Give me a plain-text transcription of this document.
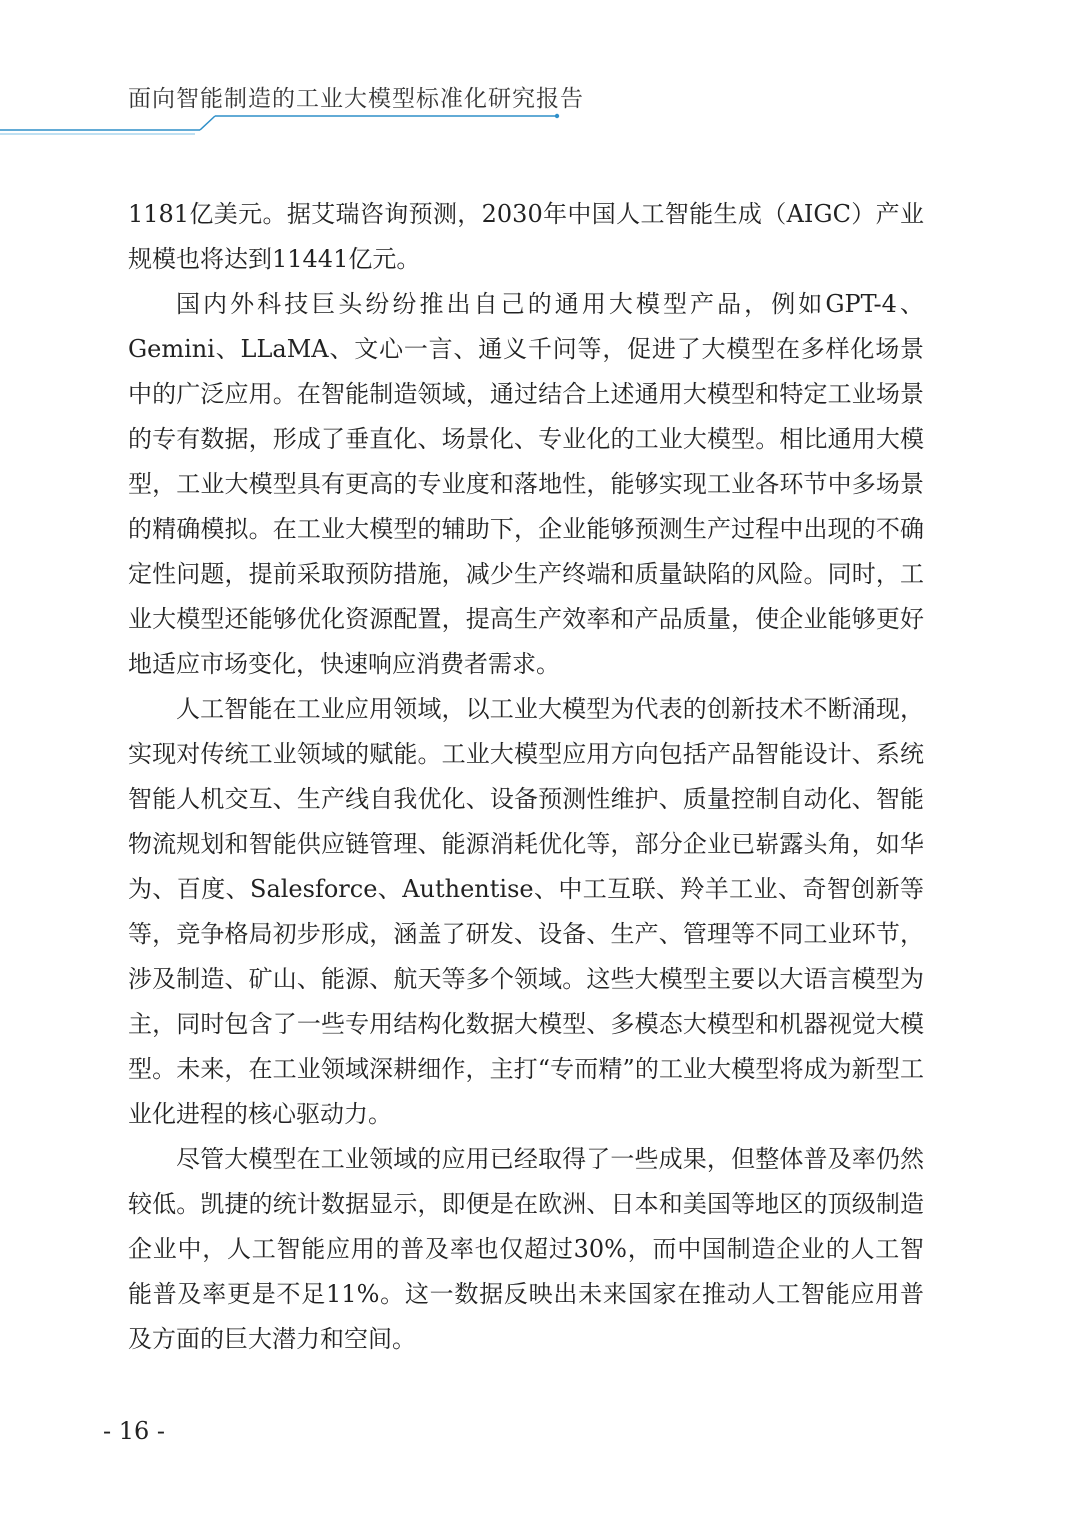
面向智能制造的工业大模型标准化研究报告

1181亿美元。据艾瑞咨询预测，2030年中国人工智能生成（AIGC）产业规模也将达到11441亿元。

国内外科技巨头纷纷推出自己的通用大模型产品，例如GPT-4、Gemini、LLaMA、文心一言、通义千问等，促进了大模型在多样化场景中的广泛应用。在智能制造领域，通过结合上述通用大模型和特定工业场景的专有数据，形成了垂直化、场景化、专业化的工业大模型。相比通用大模型，工业大模型具有更高的专业度和落地性，能够实现工业各环节中多场景的精确模拟。在工业大模型的辅助下，企业能够预测生产过程中出现的不确定性问题，提前采取预防措施，减少生产终端和质量缺陷的风险。同时，工业大模型还能够优化资源配置，提高生产效率和产品质量，使企业能够更好地适应市场变化，快速响应消费者需求。

人工智能在工业应用领域，以工业大模型为代表的创新技术不断涌现，实现对传统工业领域的赋能。工业大模型应用方向包括产品智能设计、系统智能人机交互、生产线自我优化、设备预测性维护、质量控制自动化、智能物流规划和智能供应链管理、能源消耗优化等，部分企业已崭露头角，如华为、百度、Salesforce、Authentise、中工互联、羚羊工业、奇智创新等等，竞争格局初步形成，涵盖了研发、设备、生产、管理等不同工业环节，涉及制造、矿山、能源、航天等多个领域。这些大模型主要以大语言模型为主，同时包含了一些专用结构化数据大模型、多模态大模型和机器视觉大模型。未来，在工业领域深耕细作，主打“专而精”的工业大模型将成为新型工业化进程的核心驱动力。

尽管大模型在工业领域的应用已经取得了一些成果，但整体普及率仍然较低。凯捷的统计数据显示，即便是在欧洲、日本和美国等地区的顶级制造企业中，人工智能应用的普及率也仅超过30%，而中国制造企业的人工智能普及率更是不足11%。这一数据反映出未来国家在推动人工智能应用普及方面的巨大潜力和空间。

- 16 -
